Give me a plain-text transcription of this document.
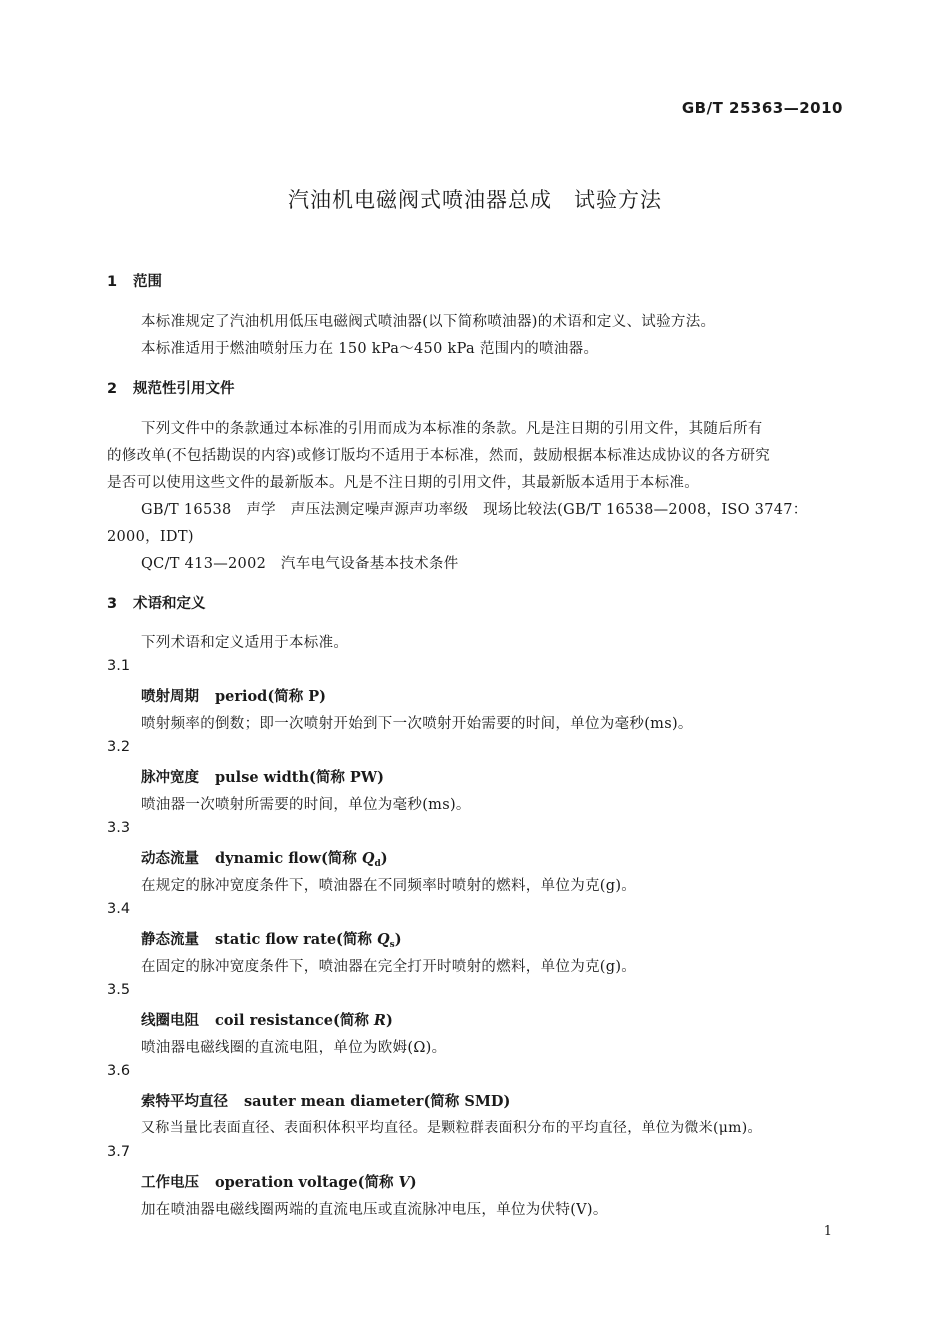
GB/T 25363—2010
汽油机电磁阀式喷油器总成　试验方法
1 范围
本标准规定了汽油机用低压电磁阀式喷油器(以下简称喷油器)的术语和定义、试验方法。
本标准适用于燃油喷射压力在 150 kPa～450 kPa 范围内的喷油器。
2 规范性引用文件
下列文件中的条款通过本标准的引用而成为本标准的条款。凡是注日期的引用文件，其随后所有
的修改单(不包括勘误的内容)或修订版均不适用于本标准，然而，鼓励根据本标准达成协议的各方研究
是否可以使用这些文件的最新版本。凡是不注日期的引用文件，其最新版本适用于本标准。
GB/T 16538　声学　声压法测定噪声源声功率级　现场比较法(GB/T 16538—2008，ISO 3747：
2000，IDT)
QC/T 413—2002　汽车电气设备基本技术条件
3 术语和定义
下列术语和定义适用于本标准。
3.1
喷射周期 period(简称 P)
喷射频率的倒数；即一次喷射开始到下一次喷射开始需要的时间，单位为毫秒(ms)。
3.2
脉冲宽度 pulse width(简称 PW)
喷油器一次喷射所需要的时间，单位为毫秒(ms)。
3.3
动态流量 dynamic flow(简称 $Q_d$)
在规定的脉冲宽度条件下，喷油器在不同频率时喷射的燃料，单位为克(g)。
3.4
静态流量 static flow rate(简称 $Q_s$)
在固定的脉冲宽度条件下，喷油器在完全打开时喷射的燃料，单位为克(g)。
3.5
线圈电阻 coil resistance(简称 R)
喷油器电磁线圈的直流电阻，单位为欧姆(Ω)。
3.6
索特平均直径 sauter mean diameter(简称 SMD)
又称当量比表面直径、表面积体积平均直径。是颗粒群表面积分布的平均直径，单位为微米(μm)。
3.7
工作电压 operation voltage(简称 V)
加在喷油器电磁线圈两端的直流电压或直流脉冲电压，单位为伏特(V)。
1
